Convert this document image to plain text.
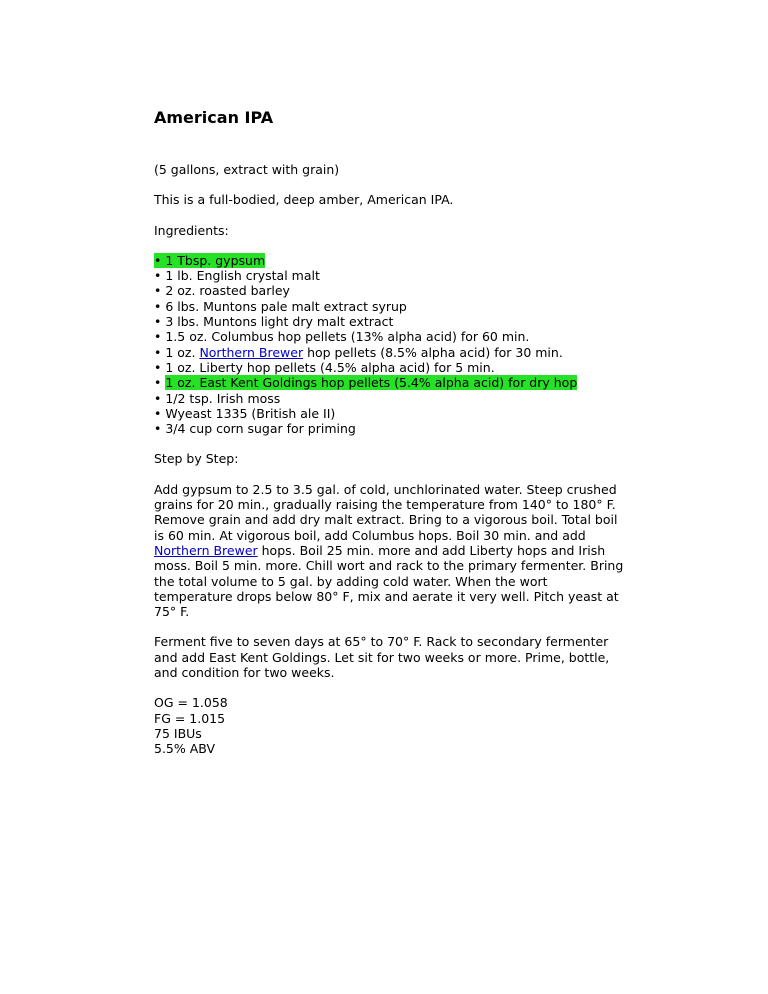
American IPA

(5 gallons, extract with grain)

This is a full-bodied, deep amber, American IPA.

Ingredients:

• 1 Tbsp. gypsum
• 1 lb. English crystal malt
• 2 oz. roasted barley
• 6 lbs. Muntons pale malt extract syrup
• 3 lbs. Muntons light dry malt extract
• 1.5 oz. Columbus hop pellets (13% alpha acid) for 60 min.
• 1 oz. Northern Brewer hop pellets (8.5% alpha acid) for 30 min.
• 1 oz. Liberty hop pellets (4.5% alpha acid) for 5 min.
• 1 oz. East Kent Goldings hop pellets (5.4% alpha acid) for dry hop
• 1/2 tsp. Irish moss
• Wyeast 1335 (British ale II)
• 3/4 cup corn sugar for priming

Step by Step:

Add gypsum to 2.5 to 3.5 gal. of cold, unchlorinated water. Steep crushed grains for 20 min., gradually raising the temperature from 140° to 180° F. Remove grain and add dry malt extract. Bring to a vigorous boil. Total boil is 60 min. At vigorous boil, add Columbus hops. Boil 30 min. and add Northern Brewer hops. Boil 25 min. more and add Liberty hops and Irish moss. Boil 5 min. more. Chill wort and rack to the primary fermenter. Bring the total volume to 5 gal. by adding cold water. When the wort temperature drops below 80° F, mix and aerate it very well. Pitch yeast at 75° F.

Ferment five to seven days at 65° to 70° F. Rack to secondary fermenter and add East Kent Goldings. Let sit for two weeks or more. Prime, bottle, and condition for two weeks.

OG = 1.058
FG = 1.015
75 IBUs
5.5% ABV
